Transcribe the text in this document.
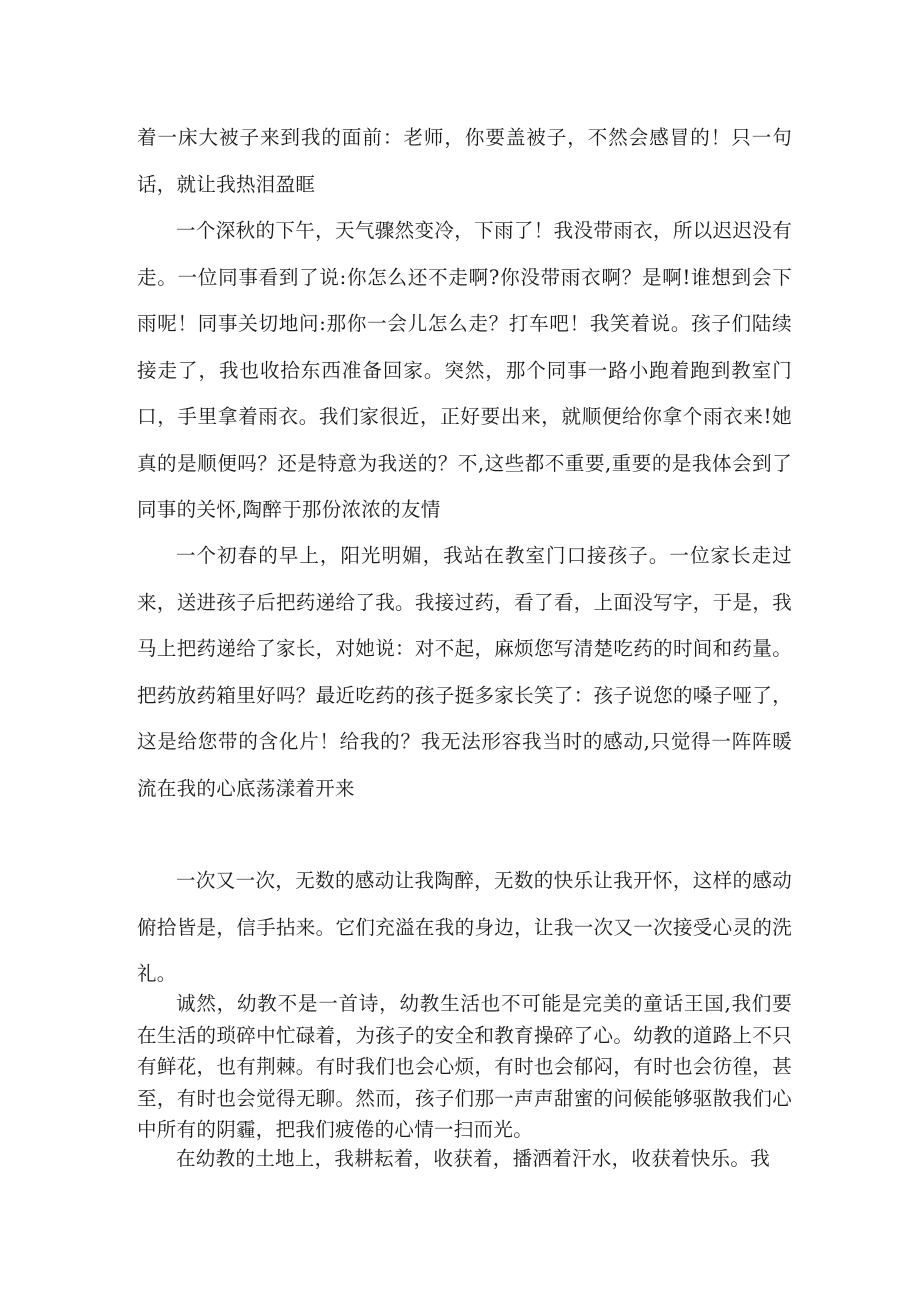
着一床大被子来到我的面前：老师，你要盖被子，不然会感冒的！只一句话，就让我热泪盈眶

一个深秋的下午，天气骤然变冷，下雨了！我没带雨衣，所以迟迟没有走。一位同事看到了说:你怎么还不走啊?你没带雨衣啊？是啊!谁想到会下雨呢！同事关切地问:那你一会儿怎么走？打车吧！我笑着说。孩子们陆续接走了，我也收拾东西准备回家。突然，那个同事一路小跑着跑到教室门口，手里拿着雨衣。我们家很近，正好要出来，就顺便给你拿个雨衣来!她真的是顺便吗？还是特意为我送的？不,这些都不重要,重要的是我体会到了同事的关怀,陶醉于那份浓浓的友情

一个初春的早上，阳光明媚，我站在教室门口接孩子。一位家长走过来，送进孩子后把药递给了我。我接过药，看了看，上面没写字，于是，我马上把药递给了家长，对她说：对不起，麻烦您写清楚吃药的时间和药量。把药放药箱里好吗？最近吃药的孩子挺多家长笑了：孩子说您的嗓子哑了，这是给您带的含化片！给我的？我无法形容我当时的感动,只觉得一阵阵暖流在我的心底荡漾着开来

一次又一次，无数的感动让我陶醉，无数的快乐让我开怀，这样的感动俯拾皆是，信手拈来。它们充溢在我的身边，让我一次又一次接受心灵的洗礼。

诚然，幼教不是一首诗，幼教生活也不可能是完美的童话王国,我们要在生活的琐碎中忙碌着，为孩子的安全和教育操碎了心。幼教的道路上不只有鲜花，也有荆棘。有时我们也会心烦，有时也会郁闷，有时也会彷徨，甚至，有时也会觉得无聊。然而，孩子们那一声声甜蜜的问候能够驱散我们心中所有的阴霾，把我们疲倦的心情一扫而光。

在幼教的土地上，我耕耘着，收获着，播洒着汗水，收获着快乐。我
